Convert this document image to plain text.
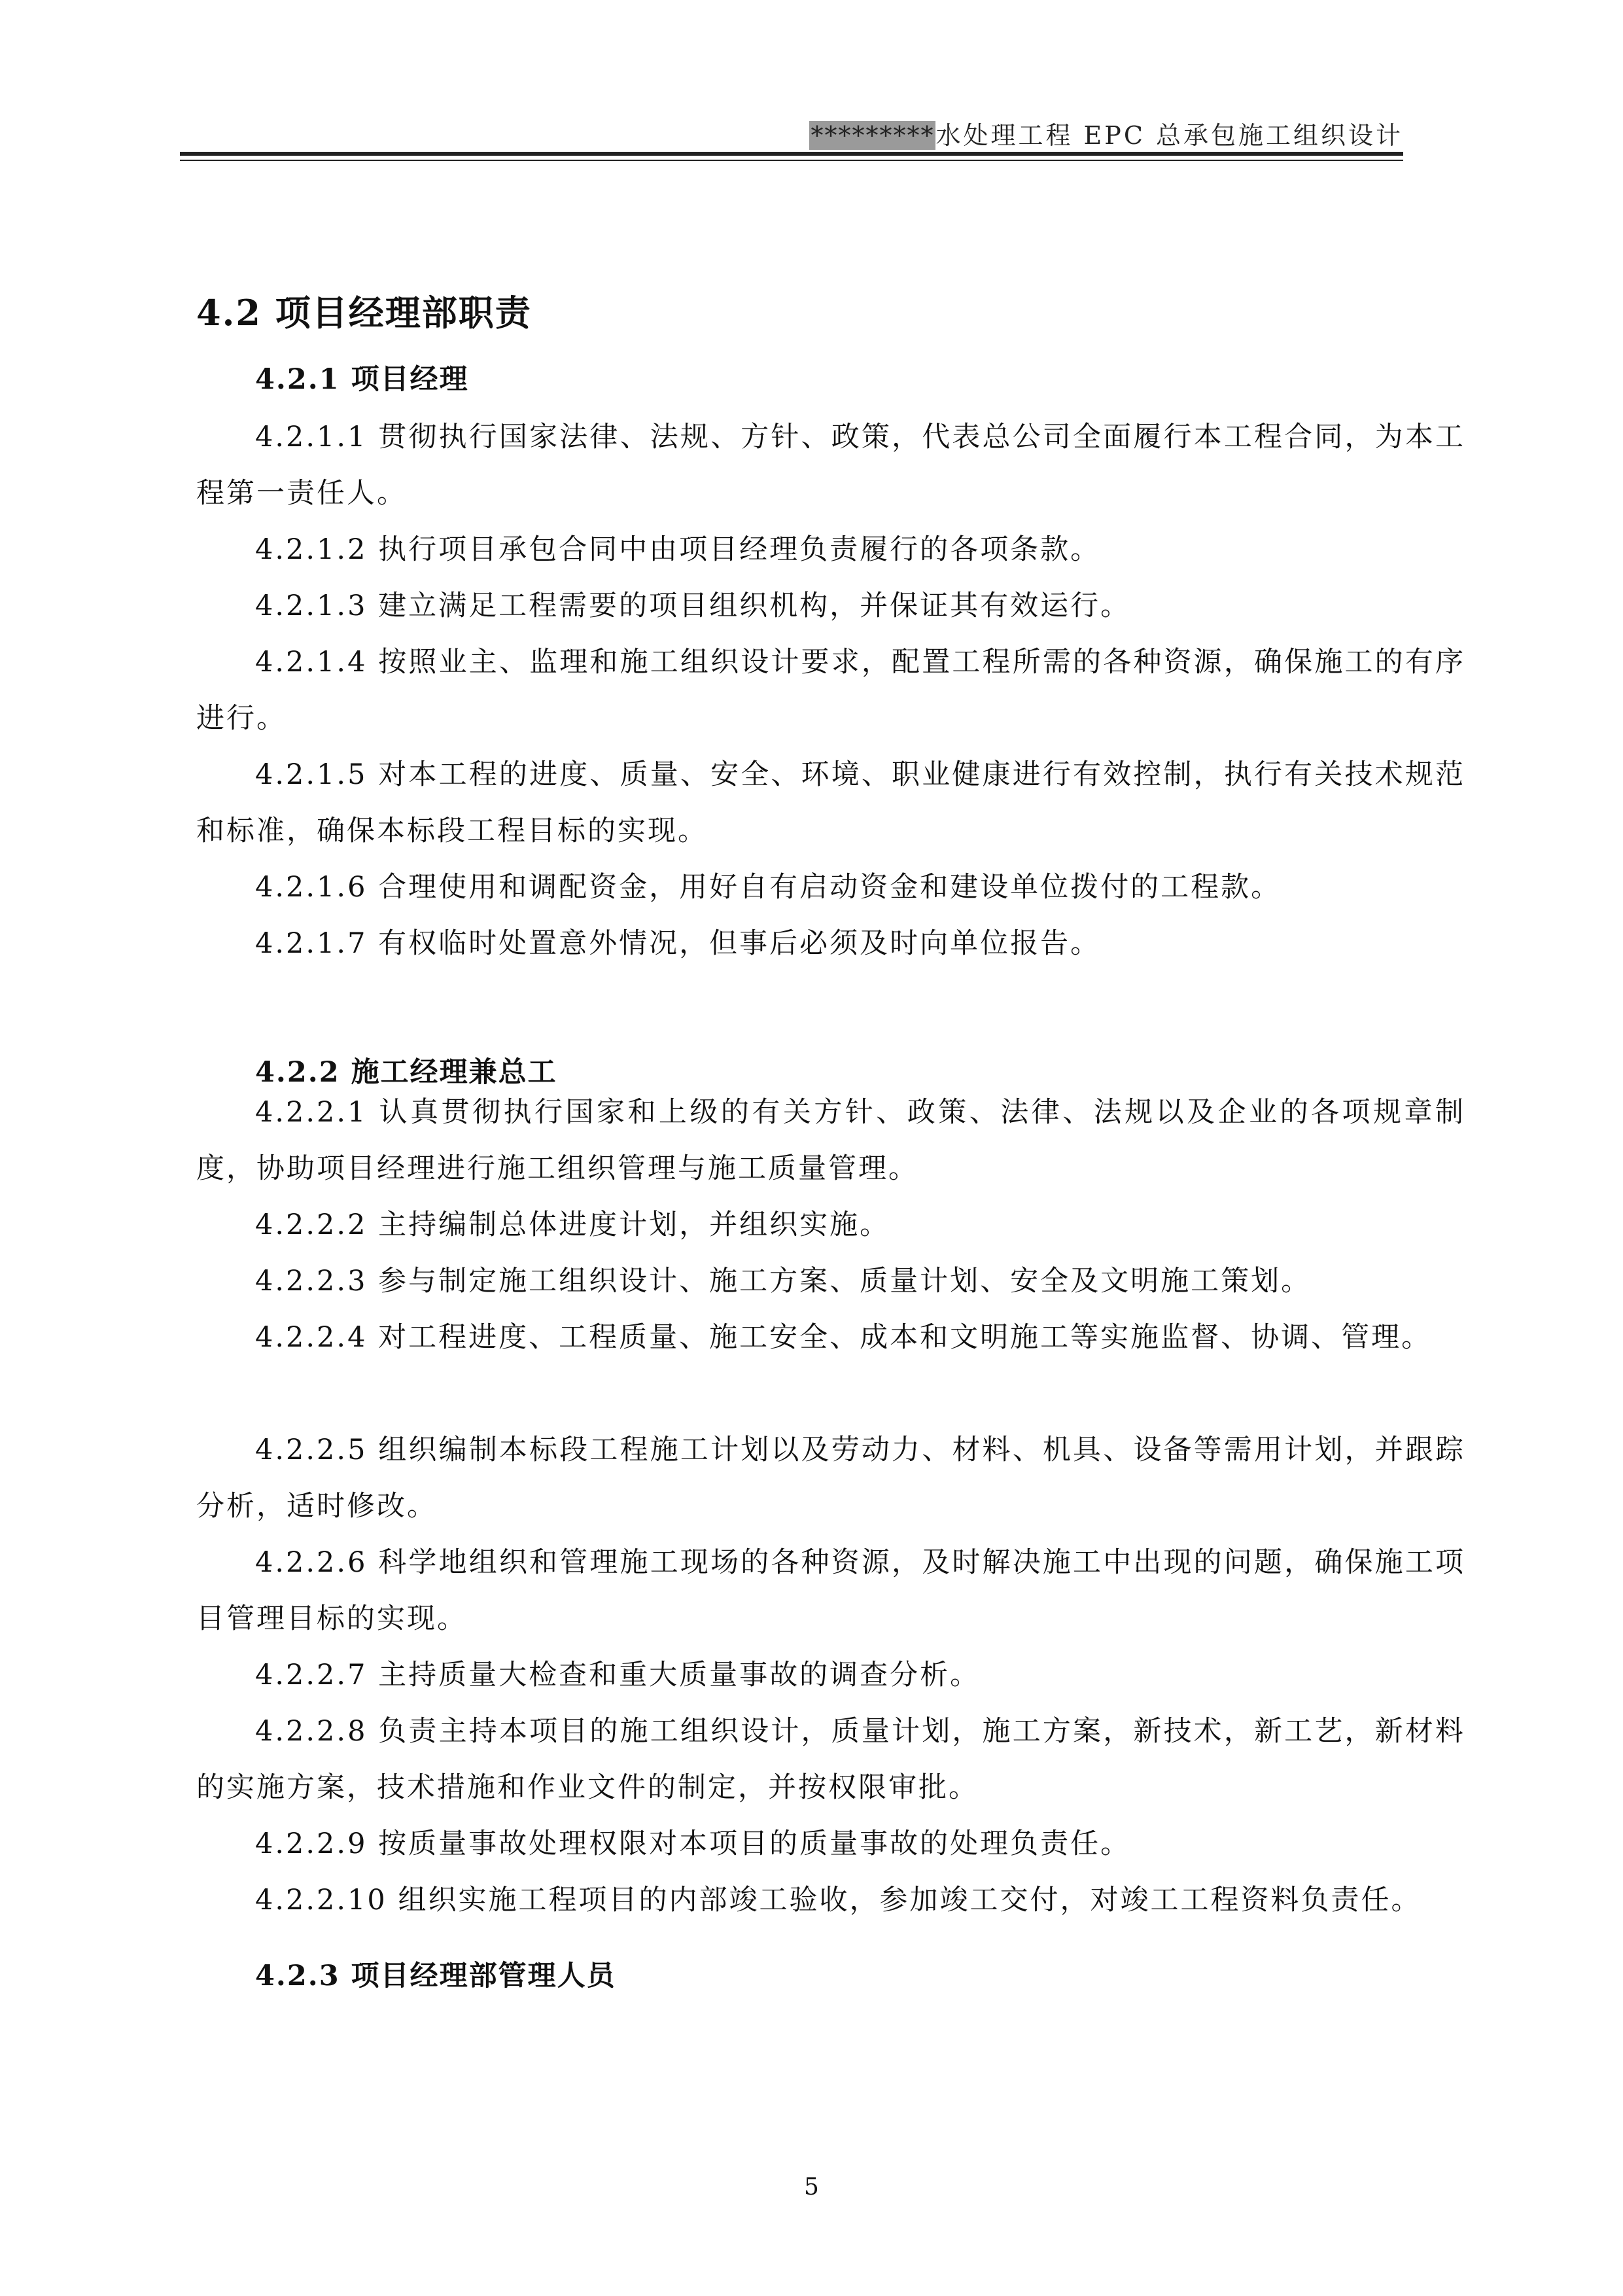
*********水处理工程 EPC 总承包施工组织设计
4.2 项目经理部职责
4.2.1 项目经理
4.2.1.1 贯彻执行国家法律、法规、方针、政策，代表总公司全面履行本工程合同，为本工程第一责任人。
4.2.1.2 执行项目承包合同中由项目经理负责履行的各项条款。
4.2.1.3 建立满足工程需要的项目组织机构，并保证其有效运行。
4.2.1.4 按照业主、监理和施工组织设计要求，配置工程所需的各种资源，确保施工的有序进行。
4.2.1.5 对本工程的进度、质量、安全、环境、职业健康进行有效控制，执行有关技术规范和标准，确保本标段工程目标的实现。
4.2.1.6 合理使用和调配资金，用好自有启动资金和建设单位拨付的工程款。
4.2.1.7 有权临时处置意外情况，但事后必须及时向单位报告。
4.2.2 施工经理兼总工
4.2.2.1 认真贯彻执行国家和上级的有关方针、政策、法律、法规以及企业的各项规章制度，协助项目经理进行施工组织管理与施工质量管理。
4.2.2.2 主持编制总体进度计划，并组织实施。
4.2.2.3 参与制定施工组织设计、施工方案、质量计划、安全及文明施工策划。
4.2.2.4 对工程进度、工程质量、施工安全、成本和文明施工等实施监督、协调、管理。
4.2.2.5 组织编制本标段工程施工计划以及劳动力、材料、机具、设备等需用计划，并跟踪分析，适时修改。
4.2.2.6 科学地组织和管理施工现场的各种资源，及时解决施工中出现的问题，确保施工项目管理目标的实现。
4.2.2.7 主持质量大检查和重大质量事故的调查分析。
4.2.2.8 负责主持本项目的施工组织设计，质量计划，施工方案，新技术，新工艺，新材料的实施方案，技术措施和作业文件的制定，并按权限审批。
4.2.2.9 按质量事故处理权限对本项目的质量事故的处理负责任。
4.2.2.10 组织实施工程项目的内部竣工验收，参加竣工交付，对竣工工程资料负责任。
4.2.3 项目经理部管理人员
5
